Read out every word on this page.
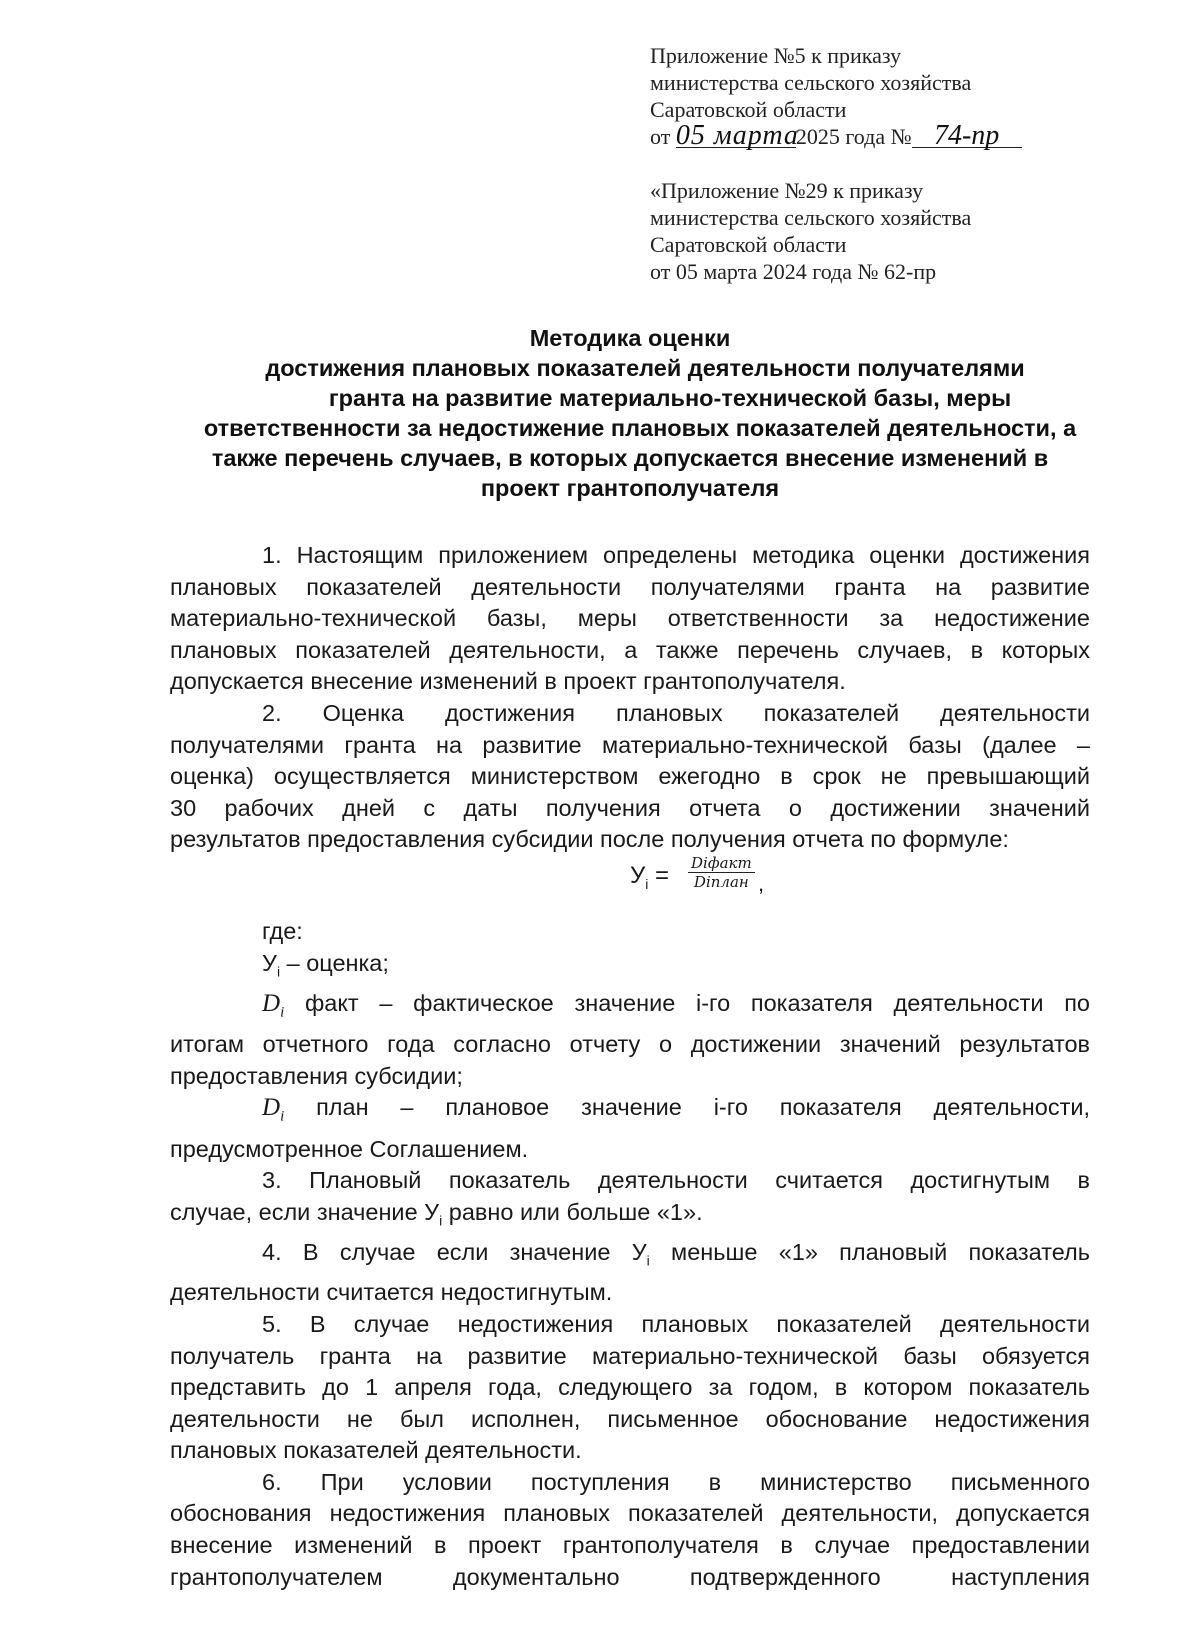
Приложение №5 к приказу
министерства сельского хозяйства
Саратовской области
от 05 марта2025 года № 74-пр
«Приложение №29 к приказу
министерства сельского хозяйства
Саратовской области
от 05 марта 2024 года № 62-пр
Методика оценки
достижения плановых показателей деятельности получателями
гранта на развитие материально-технической базы, меры
ответственности за недостижение плановых показателей деятельности, а
также перечень случаев, в которых допускается внесение изменений в
проект грантополучателя

1. Настоящим приложением определены методика оценки достижения
плановых показателей деятельности получателями гранта на развитие
материально-технической базы, меры ответственности за недостижение
плановых показателей деятельности, а также перечень случаев, в которых
допускается внесение изменений в проект грантополучателя.

2. Оценка достижения плановых показателей деятельности
получателями гранта на развитие материально-технической базы (далее –
оценка) осуществляется министерством ежегодно в срок не превышающий
30 рабочих дней с даты получения отчета о достижении значений
результатов предоставления субсидии после получения отчета по формуле:

$У_i$ = Diфакт
Diплан ,

где:

$У_i$ – оценка;

$D_i$ факт – фактическое значение i-го показателя деятельности по
итогам отчетного года согласно отчету о достижении значений результатов
предоставления субсидии;

$D_i$ план – плановое значение i-го показателя деятельности,
предусмотренное Соглашением.

3. Плановый показатель деятельности считается достигнутым в
случае, если значение $У_i$ равно или больше «1».

4. В случае если значение $У_i$ меньше «1» плановый показатель
деятельности считается недостигнутым.

5. В случае недостижения плановых показателей деятельности
получатель гранта на развитие материально-технической базы обязуется
представить до 1 апреля года, следующего за годом, в котором показатель
деятельности не был исполнен, письменное обоснование недостижения
плановых показателей деятельности.

6. При условии поступления в министерство письменного
обоснования недостижения плановых показателей деятельности, допускается
внесение изменений в проект грантополучателя в случае предоставлении
грантополучателем документально подтвержденного наступления
